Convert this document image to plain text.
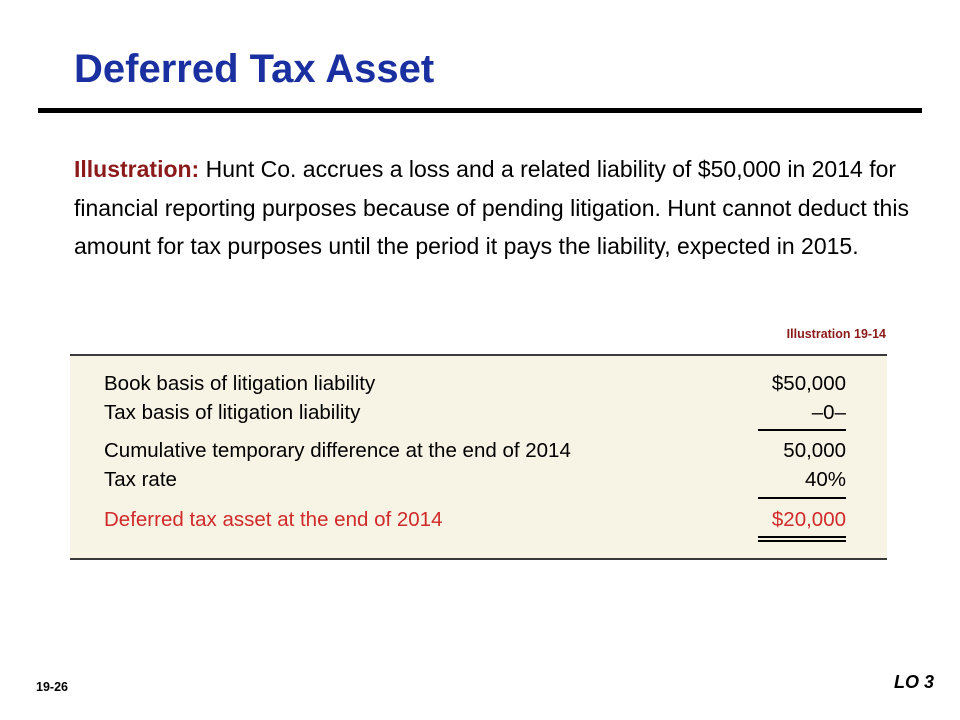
Deferred Tax Asset
Illustration: Hunt Co. accrues a loss and a related liability of $50,000 in 2014 for financial reporting purposes because of pending litigation. Hunt cannot deduct this amount for tax purposes until the period it pays the liability, expected in 2015.
Illustration 19-14
Book basis of litigation liability	$50,000
Tax basis of litigation liability	–0–
Cumulative temporary difference at the end of 2014	50,000
Tax rate	40%
Deferred tax asset at the end of 2014	$20,000
19-26	LO 3
